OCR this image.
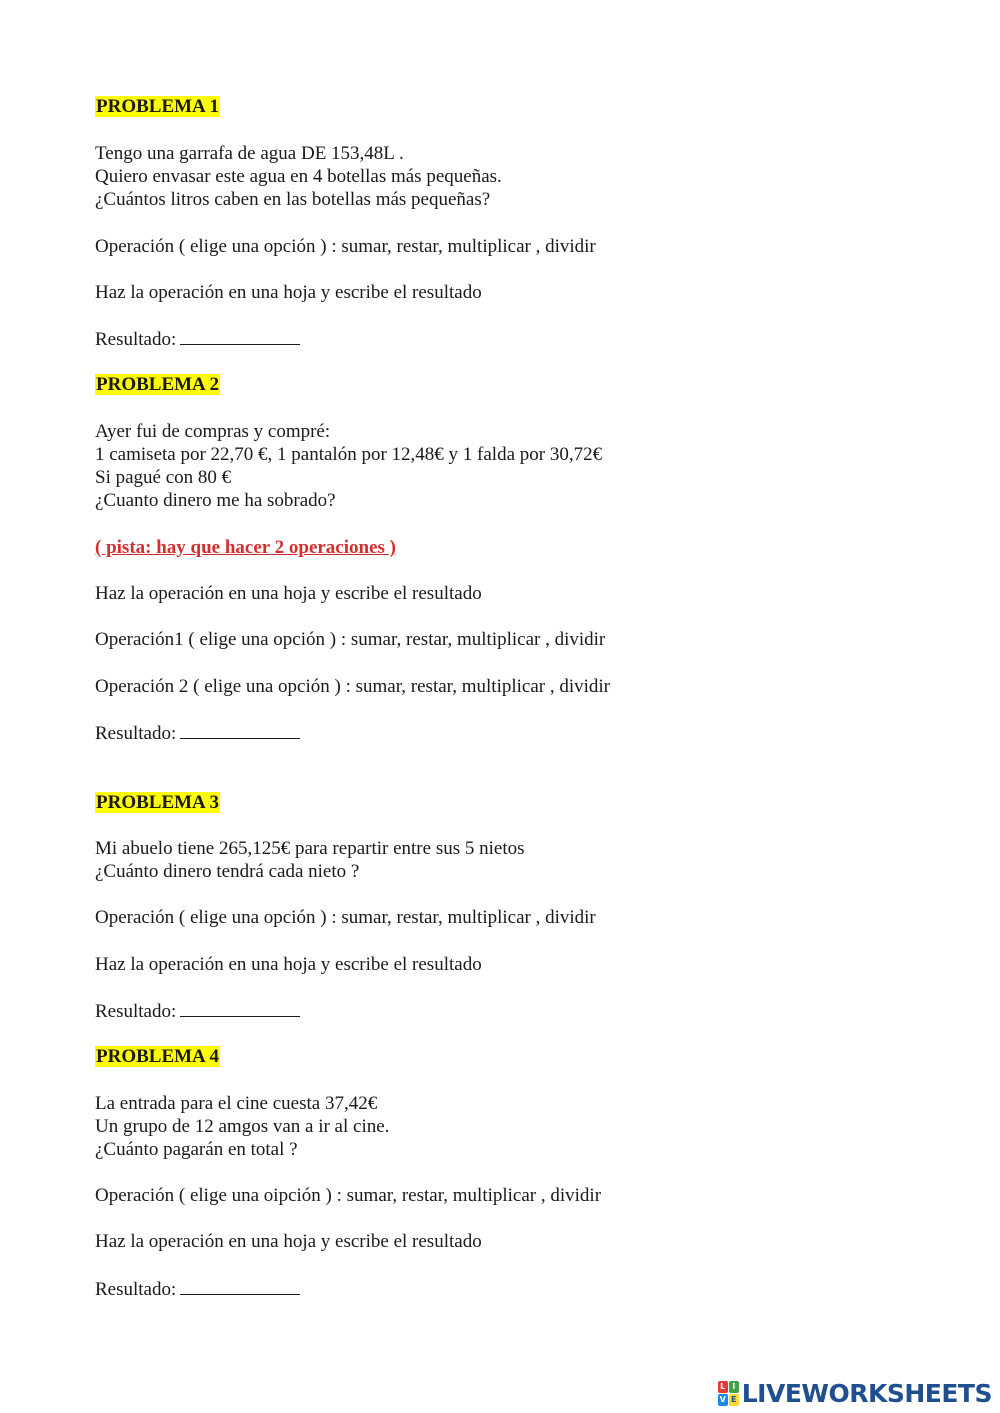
PROBLEMA 1
Tengo una garrafa de agua DE 153,48L .
Quiero envasar este agua en 4 botellas más pequeñas.
¿Cuántos litros caben en las botellas más pequeñas?
Operación ( elige una opción ) : sumar, restar, multiplicar , dividir
Haz la operación en una hoja y escribe el resultado
Resultado:
PROBLEMA 2
Ayer fui de compras y compré:
1 camiseta por 22,70 €, 1 pantalón por 12,48€ y 1 falda por 30,72€
Si pagué con 80 €
¿Cuanto dinero me ha sobrado?
( pista: hay que hacer 2 operaciones )
Haz la operación en una hoja y escribe el resultado
Operación1 ( elige una opción ) : sumar, restar, multiplicar , dividir
Operación 2 ( elige una opción ) : sumar, restar, multiplicar , dividir
Resultado:
PROBLEMA 3
Mi abuelo tiene 265,125€ para repartir entre sus 5 nietos
¿Cuánto dinero tendrá cada nieto ?
Operación ( elige una opción ) : sumar, restar, multiplicar , dividir
Haz la operación en una hoja y escribe el resultado
Resultado:
PROBLEMA 4
La entrada para el cine cuesta 37,42€
Un grupo de 12 amgos van a ir al cine.
¿Cuánto pagarán en total ?
Operación ( elige una oipción ) : sumar, restar, multiplicar , dividir
Haz la operación en una hoja y escribe el resultado
Resultado:
L I
V E LIVEWORKSHEETS
